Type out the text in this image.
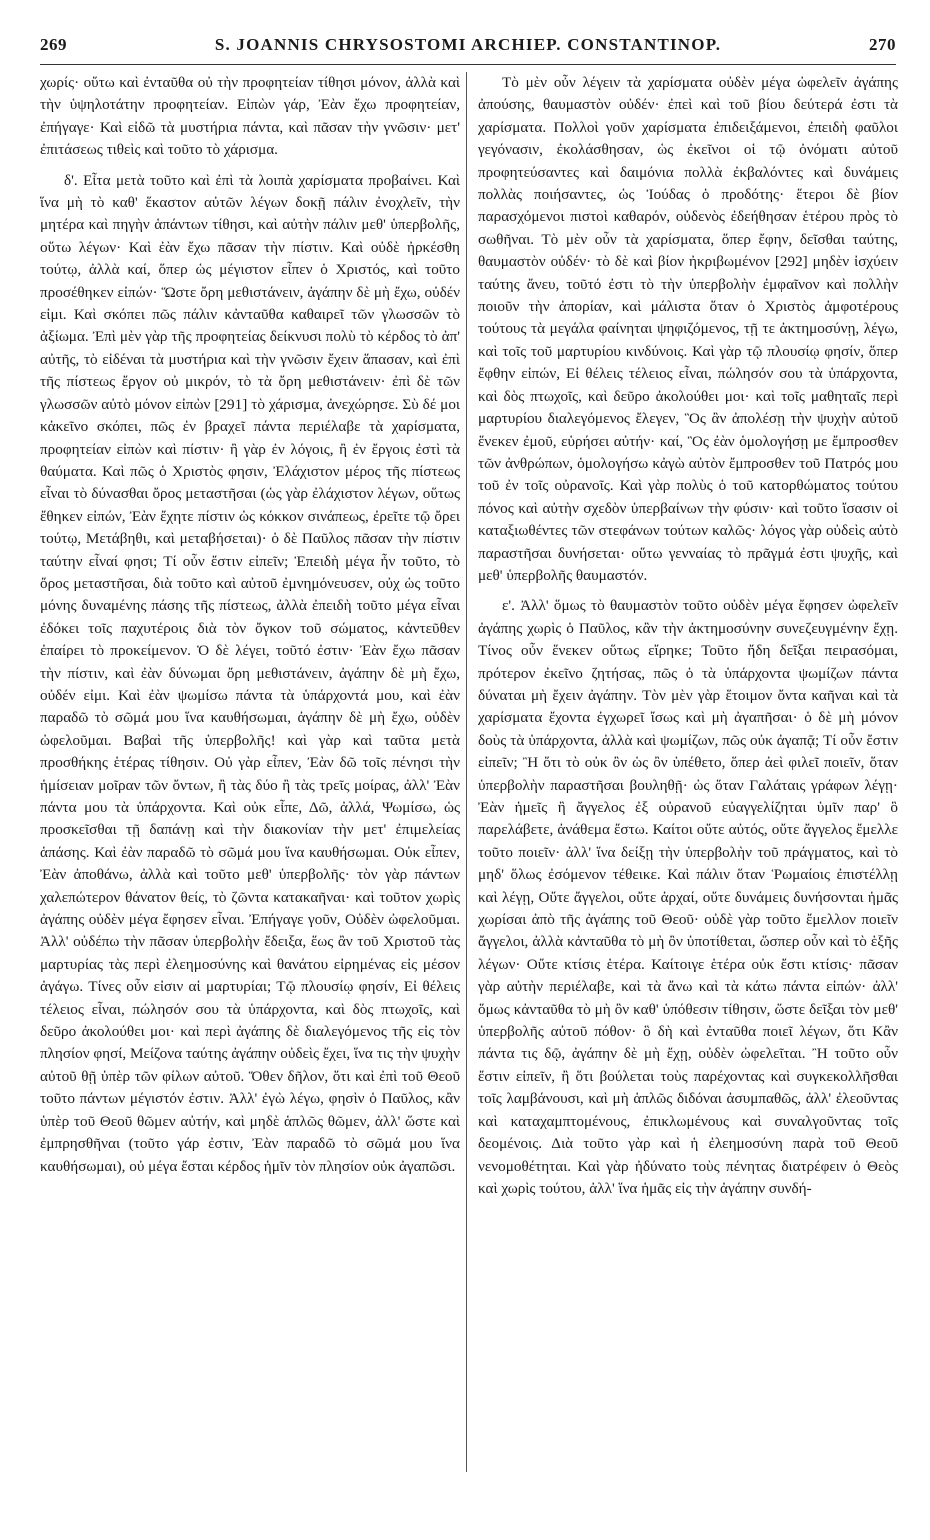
269	S. JOANNIS CHRYSOSTOMI ARCHIEP. CONSTANTINOP.	270

χωρίς· οὕτω καὶ ἐνταῦθα οὐ τὴν προφητείαν τίθησι μόνον, ἀλλὰ καὶ τὴν ὑψηλοτάτην προφητείαν. Εἰπὼν γάρ, Ἐὰν ἔχω προφητείαν, ἐπήγαγε· Καὶ εἰδῶ τὰ μυστήρια πάντα, καὶ πᾶσαν τὴν γνῶσιν· μετ' ἐπιτάσεως τιθεὶς καὶ τοῦτο τὸ χάρισμα.

δ'. Εἶτα μετὰ τοῦτο καὶ ἐπὶ τὰ λοιπὰ χαρίσματα προβαίνει. Καὶ ἵνα μὴ τὸ καθ' ἕκαστον αὐτῶν λέγων δοκῇ πάλιν ἐνοχλεῖν, τὴν μητέρα καὶ πηγὴν ἁπάντων τίθησι, καὶ αὐτὴν πάλιν μεθ' ὑπερβολῆς, οὕτω λέγων· Καὶ ἐὰν ἔχω πᾶσαν τὴν πίστιν. Καὶ οὐδὲ ἠρκέσθη τούτῳ, ἀλλὰ καί, ὅπερ ὡς μέγιστον εἶπεν ὁ Χριστός, καὶ τοῦτο προσέθηκεν εἰπών· Ὥστε ὄρη μεθιστάνειν, ἀγάπην δὲ μὴ ἔχω, οὐδέν εἰμι. Καὶ σκόπει πῶς πάλιν κἀνταῦθα καθαιρεῖ τῶν γλωσσῶν τὸ ἀξίωμα. Ἐπὶ μὲν γὰρ τῆς προφητείας δείκνυσι πολὺ τὸ κέρδος τὸ ἀπ' αὐτῆς, τὸ εἰδέναι τὰ μυστήρια καὶ τὴν γνῶσιν ἔχειν ἅπασαν, καὶ ἐπὶ τῆς πίστεως ἔργον οὐ μικρόν, τὸ τὰ ὄρη μεθιστάνειν· ἐπὶ δὲ τῶν γλωσσῶν αὐτὸ μόνον εἰπὼν [291] τὸ χάρισμα, ἀνεχώρησε. Σὺ δέ μοι κἀκεῖνο σκόπει, πῶς ἐν βραχεῖ πάντα περιέλαβε τὰ χαρίσματα, προφητείαν εἰπὼν καὶ πίστιν· ἢ γὰρ ἐν λόγοις, ἢ ἐν ἔργοις ἐστὶ τὰ θαύματα. Καὶ πῶς ὁ Χριστὸς φησιν, Ἐλάχιστον μέρος τῆς πίστεως εἶναι τὸ δύνασθαι ὄρος μεταστῆσαι (ὡς γὰρ ἐλάχιστον λέγων, οὕτως ἔθηκεν εἰπών, Ἐὰν ἔχητε πίστιν ὡς κόκκον σινάπεως, ἐρεῖτε τῷ ὄρει τούτῳ, Μετάβηθι, καὶ μεταβήσεται)· ὁ δὲ Παῦλος πᾶσαν τὴν πίστιν ταύτην εἶναί φησι; Τί οὖν ἔστιν εἰπεῖν; Ἐπειδὴ μέγα ἦν τοῦτο, τὸ ὄρος μεταστῆσαι, διὰ τοῦτο καὶ αὐτοῦ ἐμνημόνευσεν, οὐχ ὡς τοῦτο μόνης δυναμένης πάσης τῆς πίστεως, ἀλλὰ ἐπειδὴ τοῦτο μέγα εἶναι ἐδόκει τοῖς παχυτέροις διὰ τὸν ὄγκον τοῦ σώματος, κἀντεῦθεν ἐπαίρει τὸ προκείμενον. Ὁ δὲ λέγει, τοῦτό ἐστιν· Ἐὰν ἔχω πᾶσαν τὴν πίστιν, καὶ ἐὰν δύνωμαι ὄρη μεθιστάνειν, ἀγάπην δὲ μὴ ἔχω, οὐδέν εἰμι. Καὶ ἐὰν ψωμίσω πάντα τὰ ὑπάρχοντά μου, καὶ ἐὰν παραδῶ τὸ σῶμά μου ἵνα καυθήσωμαι, ἀγάπην δὲ μὴ ἔχω, οὐδὲν ὠφελοῦμαι. Βαβαὶ τῆς ὑπερβολῆς! καὶ γὰρ καὶ ταῦτα μετὰ προσθήκης ἑτέρας τίθησιν. Οὐ γὰρ εἶπεν, Ἐὰν δῶ τοῖς πένησι τὴν ἡμίσειαν μοῖραν τῶν ὄντων, ἢ τὰς δύο ἢ τὰς τρεῖς μοίρας, ἀλλ' Ἐὰν πάντα μου τὰ ὑπάρχοντα. Καὶ οὐκ εἶπε, Δῶ, ἀλλά, Ψωμίσω, ὡς προσκεῖσθαι τῇ δαπάνῃ καὶ τὴν διακονίαν τὴν μετ' ἐπιμελείας ἁπάσης. Καὶ ἐὰν παραδῶ τὸ σῶμά μου ἵνα καυθήσωμαι. Οὐκ εἶπεν, Ἐὰν ἀποθάνω, ἀλλὰ καὶ τοῦτο μεθ' ὑπερβολῆς· τὸν γὰρ πάντων χαλεπώτερον θάνατον θείς, τὸ ζῶντα κατακαῆναι· καὶ τοῦτον χωρὶς ἀγάπης οὐδὲν μέγα ἔφησεν εἶναι. Ἐπήγαγε γοῦν, Οὐδὲν ὠφελοῦμαι. Ἀλλ' οὐδέπω τὴν πᾶσαν ὑπερβολὴν ἔδειξα, ἕως ἂν τοῦ Χριστοῦ τὰς μαρτυρίας τὰς περὶ ἐλεημοσύνης καὶ θανάτου εἰρημένας εἰς μέσον ἀγάγω. Τίνες οὖν εἰσιν αἱ μαρτυρίαι; Τῷ πλουσίῳ φησίν, Εἰ θέλεις τέλειος εἶναι, πώλησόν σου τὰ ὑπάρχοντα, καὶ δὸς πτωχοῖς, καὶ δεῦρο ἀκολούθει μοι· καὶ περὶ ἀγάπης δὲ διαλεγόμενος τῆς εἰς τὸν πλησίον φησί, Μείζονα ταύτης ἀγάπην οὐδεὶς ἔχει, ἵνα τις τὴν ψυχὴν αὐτοῦ θῇ ὑπὲρ τῶν φίλων αὐτοῦ. Ὅθεν δῆλον, ὅτι καὶ ἐπὶ τοῦ Θεοῦ τοῦτο πάντων μέγιστόν ἐστιν. Ἀλλ' ἐγὼ λέγω, φησὶν ὁ Παῦλος, κἂν ὑπὲρ τοῦ Θεοῦ θῶμεν αὐτήν, καὶ μηδὲ ἁπλῶς θῶμεν, ἀλλ' ὥστε καὶ ἐμπρησθῆναι (τοῦτο γάρ ἐστιν, Ἐὰν παραδῶ τὸ σῶμά μου ἵνα καυθήσωμαι), οὐ μέγα ἔσται κέρδος ἡμῖν τὸν πλησίον οὐκ ἀγαπῶσι.

Τὸ μὲν οὖν λέγειν τὰ χαρίσματα οὐδὲν μέγα ὠφελεῖν ἀγάπης ἀπούσης, θαυμαστὸν οὐδέν· ἐπεὶ καὶ τοῦ βίου δεύτερά ἐστι τὰ χαρίσματα. Πολλοὶ γοῦν χαρίσματα ἐπιδειξάμενοι, ἐπειδὴ φαῦλοι γεγόνασιν, ἐκολάσθησαν, ὡς ἐκεῖνοι οἱ τῷ ὀνόματι αὐτοῦ προφητεύσαντες καὶ δαιμόνια πολλὰ ἐκβαλόντες καὶ δυνάμεις πολλὰς ποιήσαντες, ὡς Ἰούδας ὁ προδότης· ἕτεροι δὲ βίον παρασχόμενοι πιστοὶ καθαρόν, οὐδενὸς ἐδεήθησαν ἑτέρου πρὸς τὸ σωθῆναι. Τὸ μὲν οὖν τὰ χαρίσματα, ὅπερ ἔφην, δεῖσθαι ταύτης, θαυμαστὸν οὐδέν· τὸ δὲ καὶ βίον ἠκριβωμένον [292] μηδὲν ἰσχύειν ταύτης ἄνευ, τοῦτό ἐστι τὸ τὴν ὑπερβολὴν ἐμφαῖνον καὶ πολλὴν ποιοῦν τὴν ἀπορίαν, καὶ μάλιστα ὅταν ὁ Χριστὸς ἀμφοτέρους τούτους τὰ μεγάλα φαίνηται ψηφιζόμενος, τῇ τε ἀκτημοσύνῃ, λέγω, καὶ τοῖς τοῦ μαρτυρίου κινδύνοις. Καὶ γὰρ τῷ πλουσίῳ φησίν, ὅπερ ἔφθην εἰπών, Εἰ θέλεις τέλειος εἶναι, πώλησόν σου τὰ ὑπάρχοντα, καὶ δὸς πτωχοῖς, καὶ δεῦρο ἀκολούθει μοι· καὶ τοῖς μαθηταῖς περὶ μαρτυρίου διαλεγόμενος ἔλεγεν, Ὃς ἂν ἀπολέσῃ τὴν ψυχὴν αὐτοῦ ἕνεκεν ἐμοῦ, εὑρήσει αὐτήν· καί, Ὃς ἐὰν ὁμολογήσῃ με ἔμπροσθεν τῶν ἀνθρώπων, ὁμολογήσω κἀγὼ αὐτὸν ἔμπροσθεν τοῦ Πατρός μου τοῦ ἐν τοῖς οὐρανοῖς. Καὶ γὰρ πολὺς ὁ τοῦ κατορθώματος τούτου πόνος καὶ αὐτὴν σχεδὸν ὑπερβαίνων τὴν φύσιν· καὶ τοῦτο ἴσασιν οἱ καταξιωθέντες τῶν στεφάνων τούτων καλῶς· λόγος γὰρ οὐδεὶς αὐτὸ παραστῆσαι δυνήσεται· οὕτω γενναίας τὸ πρᾶγμά ἐστι ψυχῆς, καὶ μεθ' ὑπερβολῆς θαυμαστόν.

ε'. Ἀλλ' ὅμως τὸ θαυμαστὸν τοῦτο οὐδὲν μέγα ἔφησεν ὠφελεῖν ἀγάπης χωρὶς ὁ Παῦλος, κἂν τὴν ἀκτημοσύνην συνεζευγμένην ἔχῃ. Τίνος οὖν ἕνεκεν οὕτως εἴρηκε; Τοῦτο ἤδη δεῖξαι πειρασόμαι, πρότερον ἐκεῖνο ζητήσας, πῶς ὁ τὰ ὑπάρχοντα ψωμίζων πάντα δύναται μὴ ἔχειν ἀγάπην. Τὸν μὲν γὰρ ἕτοιμον ὄντα καῆναι καὶ τὰ χαρίσματα ἔχοντα ἐγχωρεῖ ἴσως καὶ μὴ ἀγαπῆσαι· ὁ δὲ μὴ μόνον δοὺς τὰ ὑπάρχοντα, ἀλλὰ καὶ ψωμίζων, πῶς οὐκ ἀγαπᾷ; Τί οὖν ἔστιν εἰπεῖν; Ἢ ὅτι τὸ οὐκ ὂν ὡς ὂν ὑπέθετο, ὅπερ ἀεὶ φιλεῖ ποιεῖν, ὅταν ὑπερβολὴν παραστῆσαι βουληθῇ· ὡς ὅταν Γαλάταις γράφων λέγῃ· Ἐὰν ἡμεῖς ἢ ἄγγελος ἐξ οὐρανοῦ εὐαγγελίζηται ὑμῖν παρ' ὃ παρελάβετε, ἀνάθεμα ἔστω. Καίτοι οὔτε αὐτός, οὔτε ἄγγελος ἔμελλε τοῦτο ποιεῖν· ἀλλ' ἵνα δείξῃ τὴν ὑπερβολὴν τοῦ πράγματος, καὶ τὸ μηδ' ὅλως ἐσόμενον τέθεικε. Καὶ πάλιν ὅταν Ῥωμαίοις ἐπιστέλλῃ καὶ λέγῃ, Οὔτε ἄγγελοι, οὔτε ἀρχαί, οὔτε δυνάμεις δυνήσονται ἡμᾶς χωρίσαι ἀπὸ τῆς ἀγάπης τοῦ Θεοῦ· οὐδὲ γὰρ τοῦτο ἔμελλον ποιεῖν ἄγγελοι, ἀλλὰ κἀνταῦθα τὸ μὴ ὂν ὑποτίθεται, ὥσπερ οὖν καὶ τὸ ἑξῆς λέγων· Οὔτε κτίσις ἑτέρα. Καίτοιγε ἑτέρα οὐκ ἔστι κτίσις· πᾶσαν γὰρ αὐτὴν περιέλαβε, καὶ τὰ ἄνω καὶ τὰ κάτω πάντα εἰπών· ἀλλ' ὅμως κἀνταῦθα τὸ μὴ ὂν καθ' ὑπόθεσιν τίθησιν, ὥστε δεῖξαι τὸν μεθ' ὑπερβολῆς αὐτοῦ πόθον· ὃ δὴ καὶ ἐνταῦθα ποιεῖ λέγων, ὅτι Κἂν πάντα τις δῷ, ἀγάπην δὲ μὴ ἔχῃ, οὐδὲν ὠφελεῖται. Ἢ τοῦτο οὖν ἔστιν εἰπεῖν, ἢ ὅτι βούλεται τοὺς παρέχοντας καὶ συγκεκολλῆσθαι τοῖς λαμβάνουσι, καὶ μὴ ἁπλῶς διδόναι ἀσυμπαθῶς, ἀλλ' ἐλεοῦντας καὶ καταχαμπτομένους, ἐπικλωμένους καὶ συναλγοῦντας τοῖς δεομένοις. Διὰ τοῦτο γὰρ καὶ ἡ ἐλεημοσύνη παρὰ τοῦ Θεοῦ νενομοθέτηται. Καὶ γὰρ ἠδύνατο τοὺς πένητας διατρέφειν ὁ Θεὸς καὶ χωρὶς τούτου, ἀλλ' ἵνα ἡμᾶς εἰς τὴν ἀγάπην συνδή-
